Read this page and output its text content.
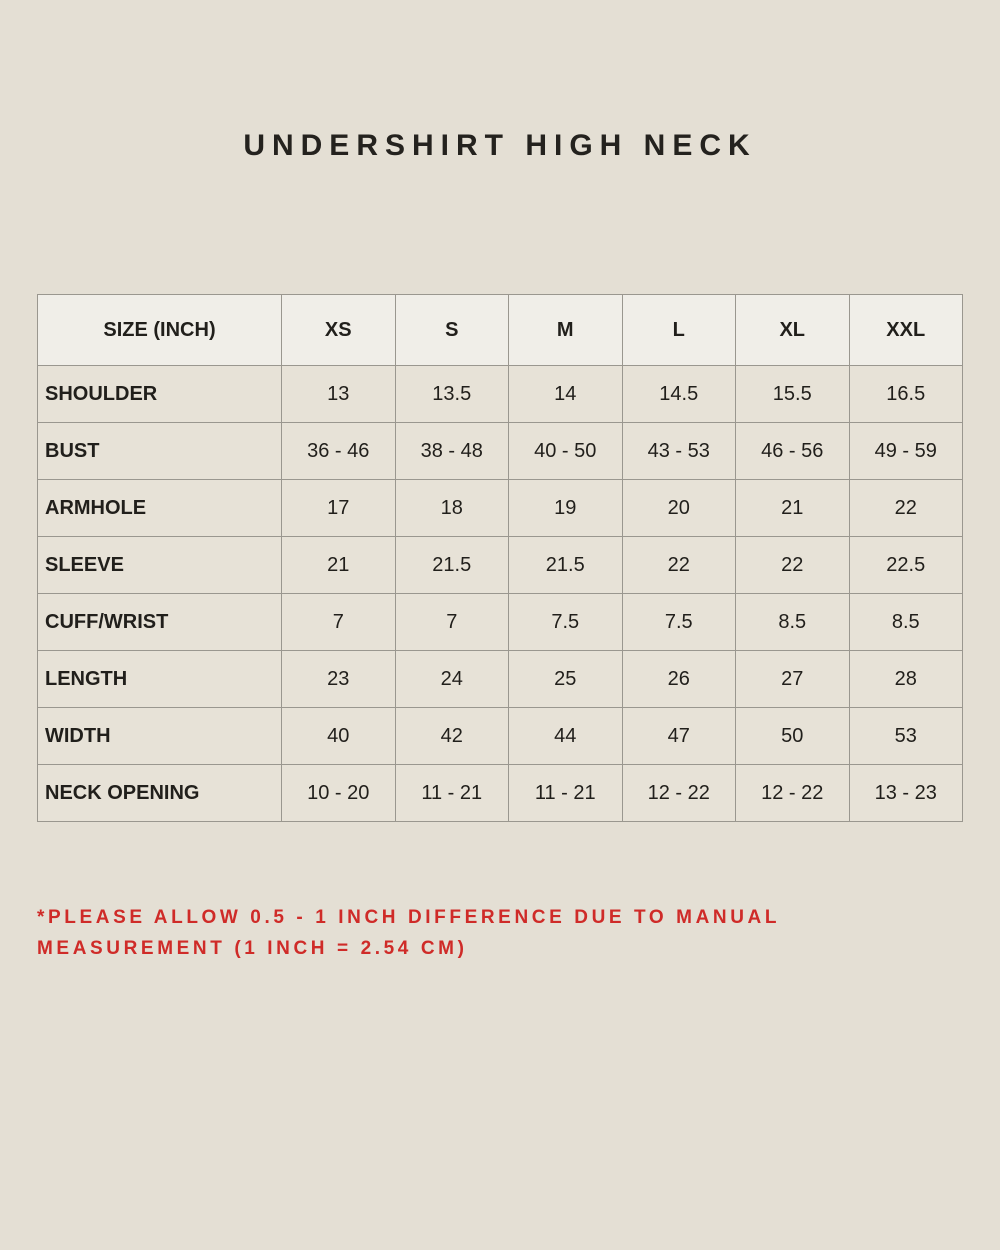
UNDERSHIRT HIGH NECK
SIZE (INCH)	XS	S	M	L	XL	XXL
SHOULDER	13	13.5	14	14.5	15.5	16.5
BUST	36 - 46	38 - 48	40 - 50	43 - 53	46 - 56	49 - 59
ARMHOLE	17	18	19	20	21	22
SLEEVE	21	21.5	21.5	22	22	22.5
CUFF/WRIST	7	7	7.5	7.5	8.5	8.5
LENGTH	23	24	25	26	27	28
WIDTH	40	42	44	47	50	53
NECK OPENING	10 - 20	11 - 21	11 - 21	12 - 22	12 - 22	13 - 23
*PLEASE ALLOW 0.5 - 1 INCH DIFFERENCE DUE TO MANUAL
MEASUREMENT (1 INCH = 2.54 CM)
